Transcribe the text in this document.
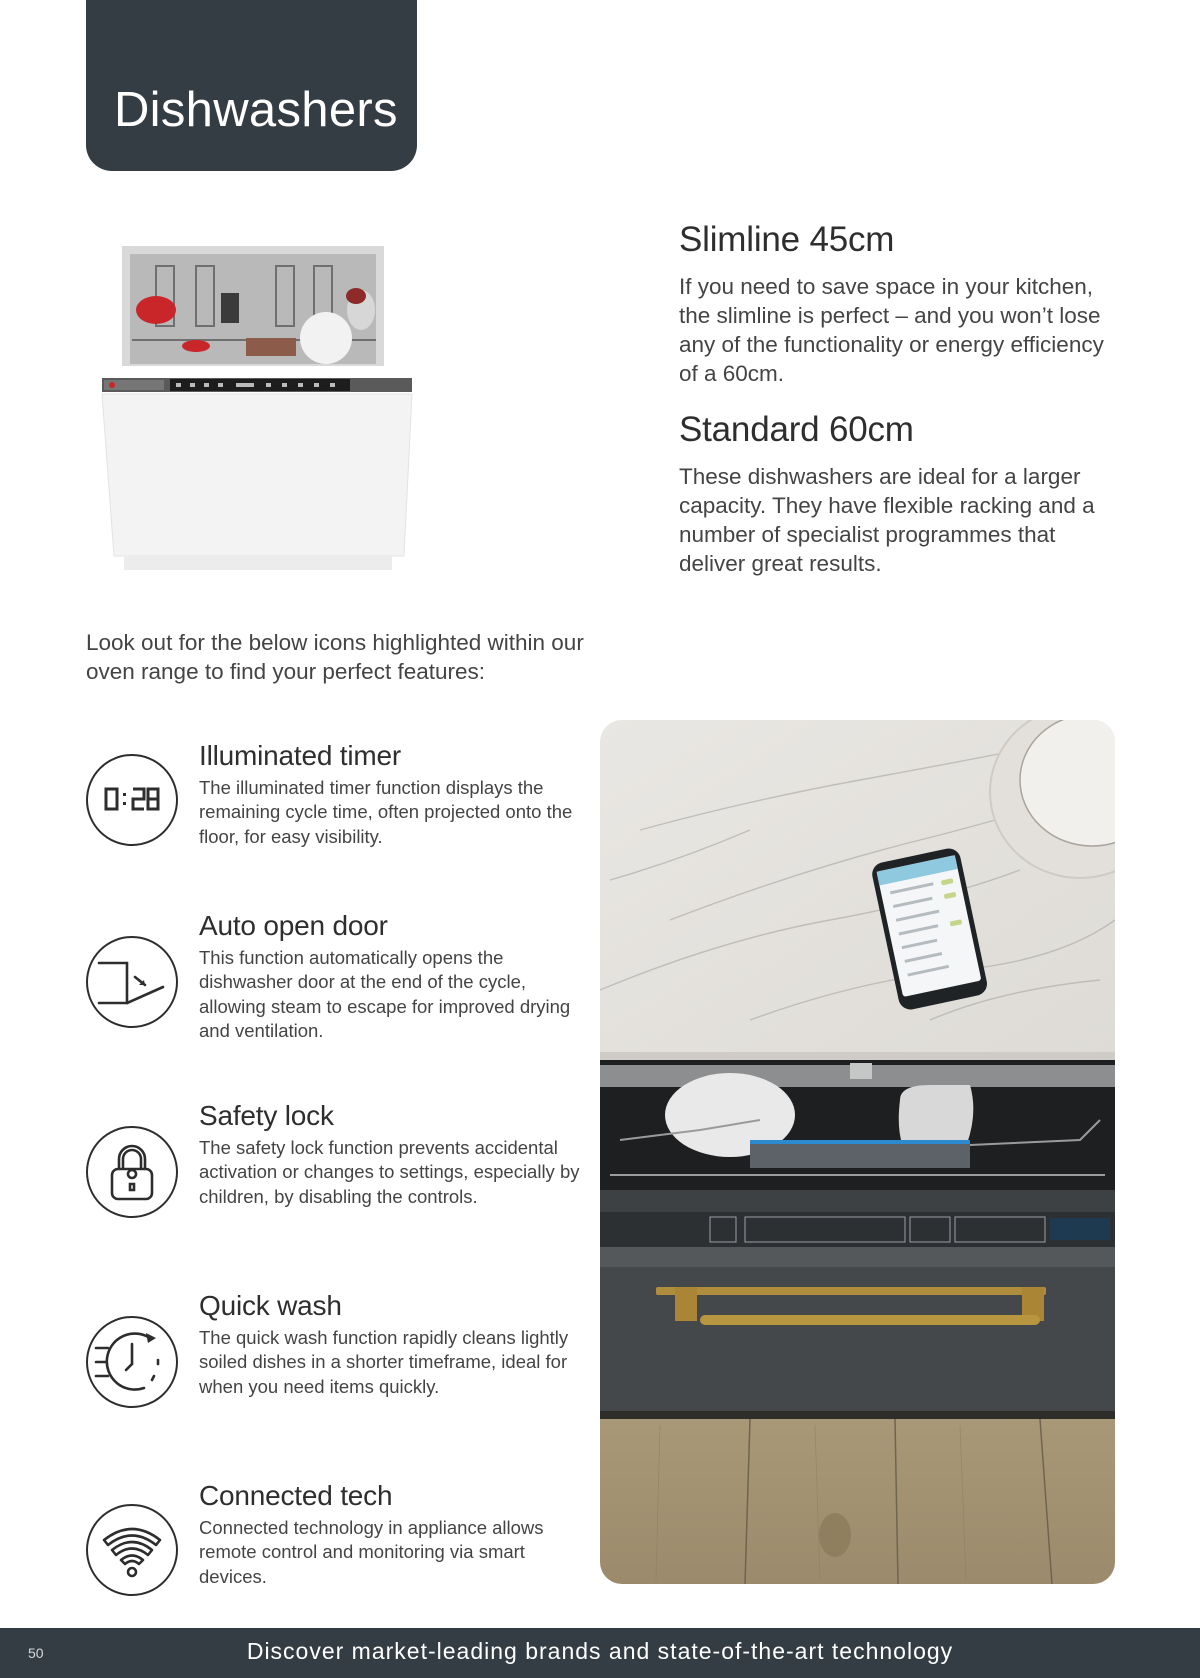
Dishwashers
Slimline 45cm

If you need to save space in your kitchen, the slimline is perfect – and you won’t lose any of the functionality or energy efficiency of a 60cm.

Standard 60cm

These dishwashers are ideal for a larger capacity. They have flexible racking and a number of specialist programmes that deliver great results.

Look out for the below icons highlighted within our oven range to find your perfect features:

Illuminated timer

The illuminated timer function displays the remaining cycle time, often projected onto the floor, for easy visibility.

Auto open door

This function automatically opens the dishwasher door at the end of the cycle, allowing steam to escape for improved drying and ventilation.

Safety lock

The safety lock function prevents accidental activation or changes to settings, especially by children, by disabling the controls.

Quick wash

The quick wash function rapidly cleans lightly soiled dishes in a shorter timeframe, ideal for when you need items quickly.

Connected tech

Connected technology in appliance allows remote control and monitoring via smart devices.

50	Discover market-leading brands and state-of-the-art technology
